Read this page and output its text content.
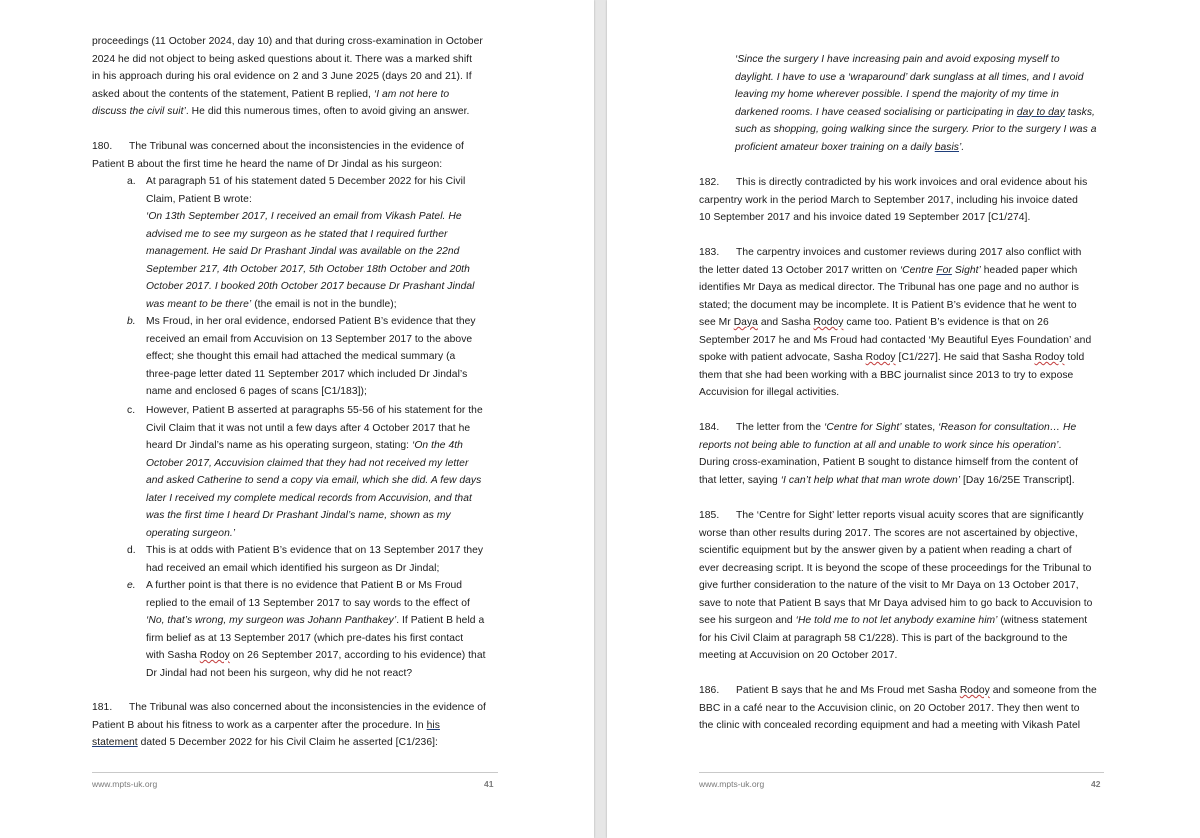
proceedings (11 October 2024, day 10) and that during cross-examination in October

2024 he did not object to being asked questions about it. There was a marked shift

in his approach during his oral evidence on 2 and 3 June 2025 (days 20 and 21). If

asked about the contents of the statement, Patient B replied, ‘I am not here to

discuss the civil suit’. He did this numerous times, often to avoid giving an answer.

180. The Tribunal was concerned about the inconsistencies in the evidence of

Patient B about the first time he heard the name of Dr Jindal as his surgeon:

a. At paragraph 51 of his statement dated 5 December 2022 for his Civil

Claim, Patient B wrote:

‘On 13th September 2017, I received an email from Vikash Patel. He

advised me to see my surgeon as he stated that I required further

management. He said Dr Prashant Jindal was available on the 22nd

September 217, 4th October 2017, 5th October 18th October and 20th

October 2017. I booked 20th October 2017 because Dr Prashant Jindal

was meant to be there’ (the email is not in the bundle);

b. Ms Froud, in her oral evidence, endorsed Patient B’s evidence that they

received an email from Accuvision on 13 September 2017 to the above

effect; she thought this email had attached the medical summary (a

three-page letter dated 11 September 2017 which included Dr Jindal’s

name and enclosed 6 pages of scans [C1/183]);

c. However, Patient B asserted at paragraphs 55-56 of his statement for the

Civil Claim that it was not until a few days after 4 October 2017 that he

heard Dr Jindal’s name as his operating surgeon, stating: ‘On the 4th

October 2017, Accuvision claimed that they had not received my letter

and asked Catherine to send a copy via email, which she did. A few days

later I received my complete medical records from Accuvision, and that

was the first time I heard Dr Prashant Jindal’s name, shown as my

operating surgeon.’

d. This is at odds with Patient B’s evidence that on 13 September 2017 they

had received an email which identified his surgeon as Dr Jindal;

e. A further point is that there is no evidence that Patient B or Ms Froud

replied to the email of 13 September 2017 to say words to the effect of

‘No, that’s wrong, my surgeon was Johann Panthakey’. If Patient B held a

firm belief as at 13 September 2017 (which pre-dates his first contact

with Sasha Rodoy on 26 September 2017, according to his evidence) that

Dr Jindal had not been his surgeon, why did he not react?

181. The Tribunal was also concerned about the inconsistencies in the evidence of

Patient B about his fitness to work as a carpenter after the procedure. In his

statement dated 5 December 2022 for his Civil Claim he asserted [C1/236]:

www.mpts-uk.org	41

‘Since the surgery I have increasing pain and avoid exposing myself to

daylight. I have to use a ‘wraparound’ dark sunglass at all times, and I avoid

leaving my home wherever possible. I spend the majority of my time in

darkened rooms. I have ceased socialising or participating in day to day tasks,

such as shopping, going walking since the surgery. Prior to the surgery I was a

proficient amateur boxer training on a daily basis’.

182. This is directly contradicted by his work invoices and oral evidence about his

carpentry work in the period March to September 2017, including his invoice dated

10 September 2017 and his invoice dated 19 September 2017 [C1/274].

183. The carpentry invoices and customer reviews during 2017 also conflict with

the letter dated 13 October 2017 written on ‘Centre For Sight’ headed paper which

identifies Mr Daya as medical director. The Tribunal has one page and no author is

stated; the document may be incomplete. It is Patient B’s evidence that he went to

see Mr Daya and Sasha Rodoy came too. Patient B’s evidence is that on 26

September 2017 he and Ms Froud had contacted ‘My Beautiful Eyes Foundation’ and

spoke with patient advocate, Sasha Rodoy [C1/227]. He said that Sasha Rodoy told

them that she had been working with a BBC journalist since 2013 to try to expose

Accuvision for illegal activities.

184. The letter from the ‘Centre for Sight’ states, ‘Reason for consultation… He

reports not being able to function at all and unable to work since his operation’.

During cross-examination, Patient B sought to distance himself from the content of

that letter, saying ‘I can’t help what that man wrote down’ [Day 16/25E Transcript].

185. The ‘Centre for Sight’ letter reports visual acuity scores that are significantly

worse than other results during 2017. The scores are not ascertained by objective,

scientific equipment but by the answer given by a patient when reading a chart of

ever decreasing script. It is beyond the scope of these proceedings for the Tribunal to

give further consideration to the nature of the visit to Mr Daya on 13 October 2017,

save to note that Patient B says that Mr Daya advised him to go back to Accuvision to

see his surgeon and ‘He told me to not let anybody examine him’ (witness statement

for his Civil Claim at paragraph 58 C1/228). This is part of the background to the

meeting at Accuvision on 20 October 2017.

186. Patient B says that he and Ms Froud met Sasha Rodoy and someone from the

BBC in a café near to the Accuvision clinic, on 20 October 2017. They then went to

the clinic with concealed recording equipment and had a meeting with Vikash Patel

www.mpts-uk.org	42
